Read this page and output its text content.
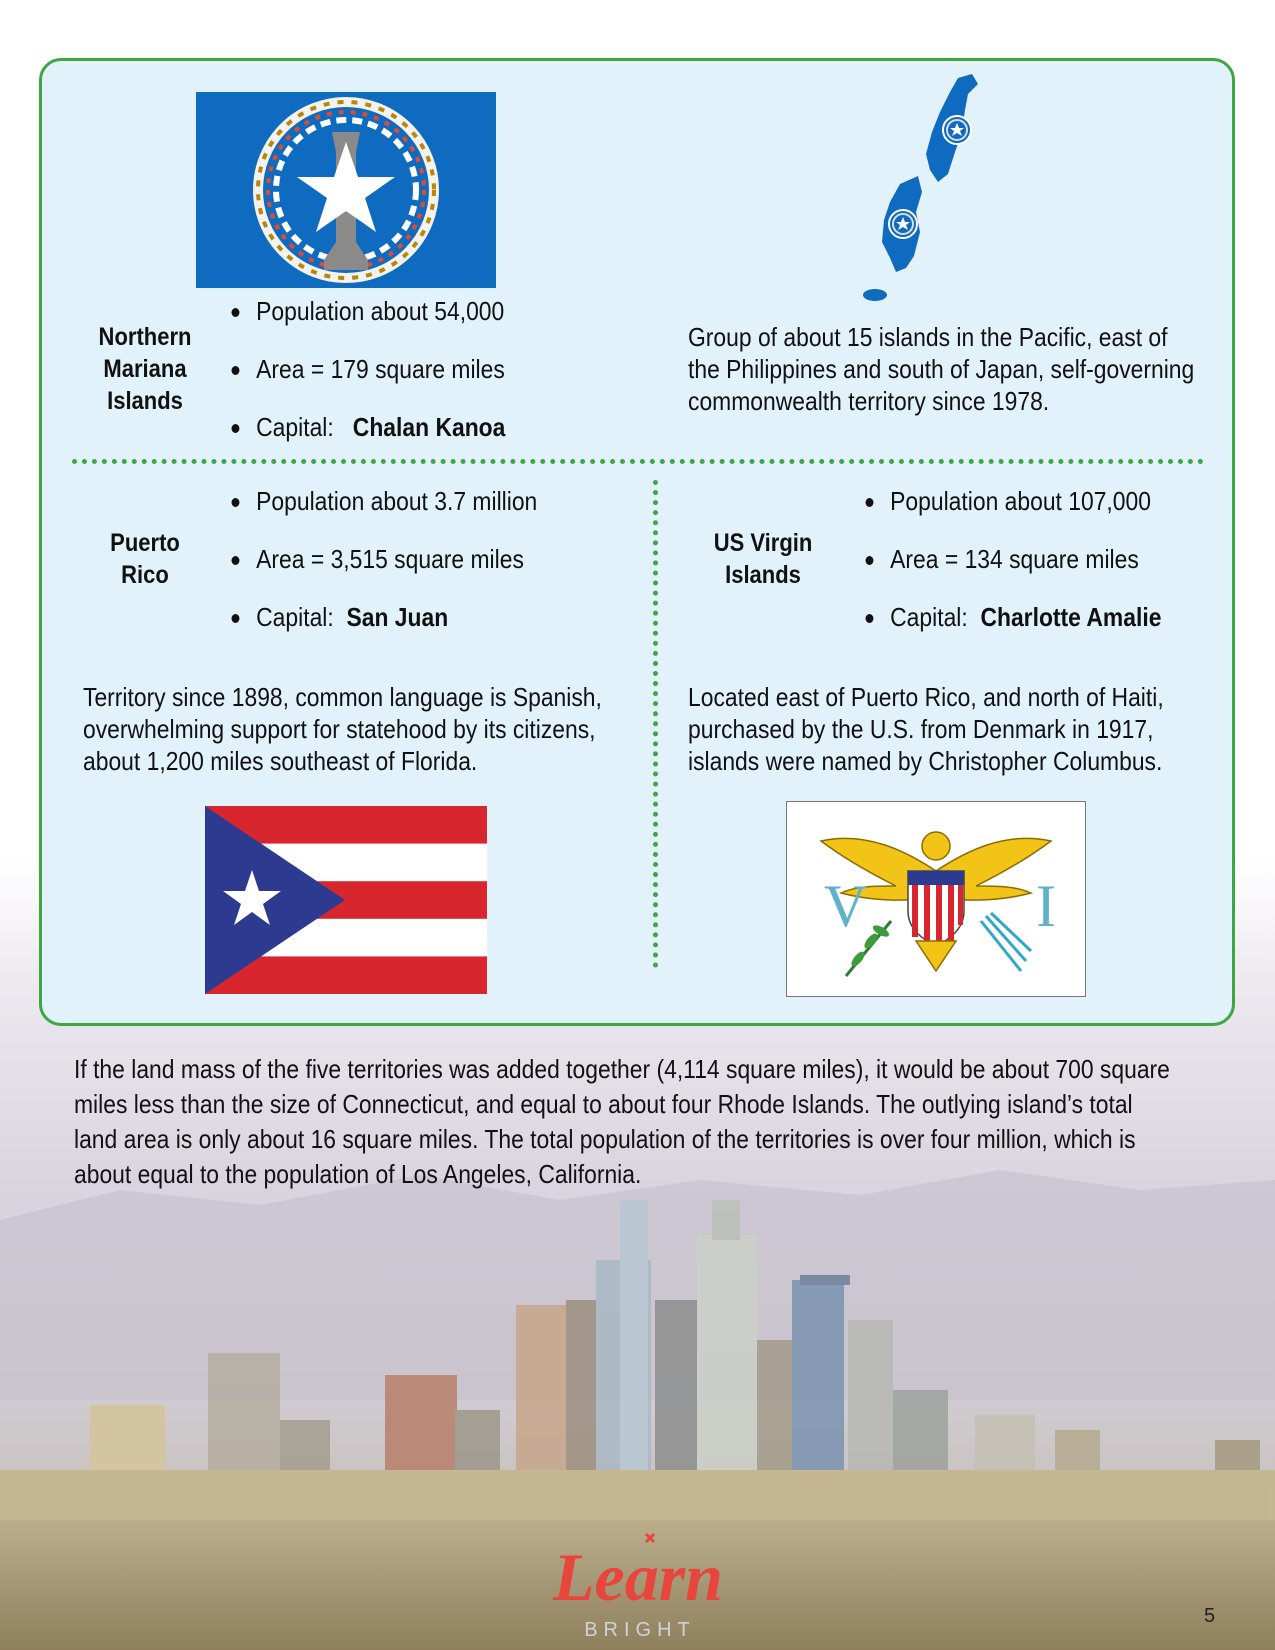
Northern
Mariana
Islands
Population about 54,000
Area = 179 square miles
Capital: Chalan Kanoa
Group of about 15 islands in the Pacific, east of
the Philippines and south of Japan, self-governing
commonwealth territory since 1978.
Puerto
Rico
Population about 3.7 million
Area = 3,515 square miles
Capital: San Juan
Territory since 1898, common language is Spanish,
overwhelming support for statehood by its citizens,
about 1,200 miles southeast of Florida.
US Virgin
Islands
Population about 107,000
Area = 134 square miles
Capital: Charlotte Amalie
Located east of Puerto Rico, and north of Haiti,
purchased by the U.S. from Denmark in 1917,
islands were named by Christopher Columbus.
V	I
If the land mass of the five territories was added together (4,114 square miles), it would be about 700 square
miles less than the size of Connecticut, and equal to about four Rhode Islands. The outlying island’s total
land area is only about 16 square miles. The total population of the territories is over four million, which is
about equal to the population of Los Angeles, California.
Learn
BRIGHT
5
